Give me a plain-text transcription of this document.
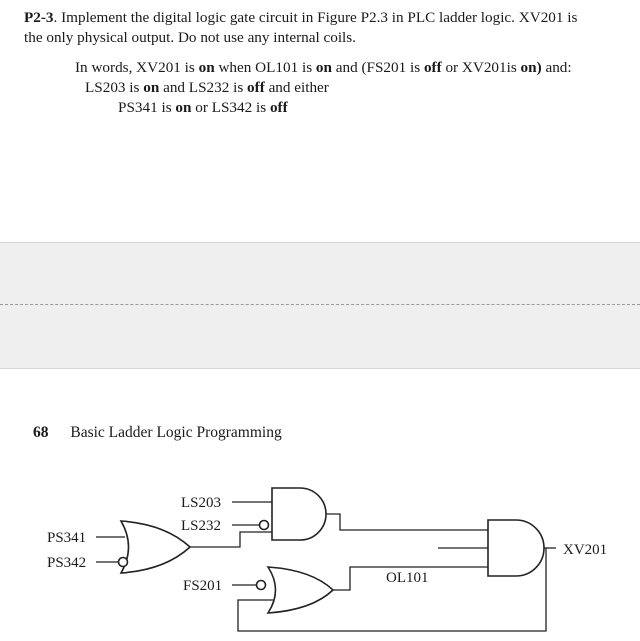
P2-3. Implement the digital logic gate circuit in Figure P2.3 in PLC ladder logic. XV201 is
the only physical output. Do not use any internal coils.

In words, XV201 is on when OL101 is on and (FS201 is off or XV201is on) and:

LS203 is on and LS232 is off and either

PS341 is on or LS342 is off

68 Basic Ladder Logic Programming
LS203
LS232
PS341
PS342
FS201	OL101
XV201
